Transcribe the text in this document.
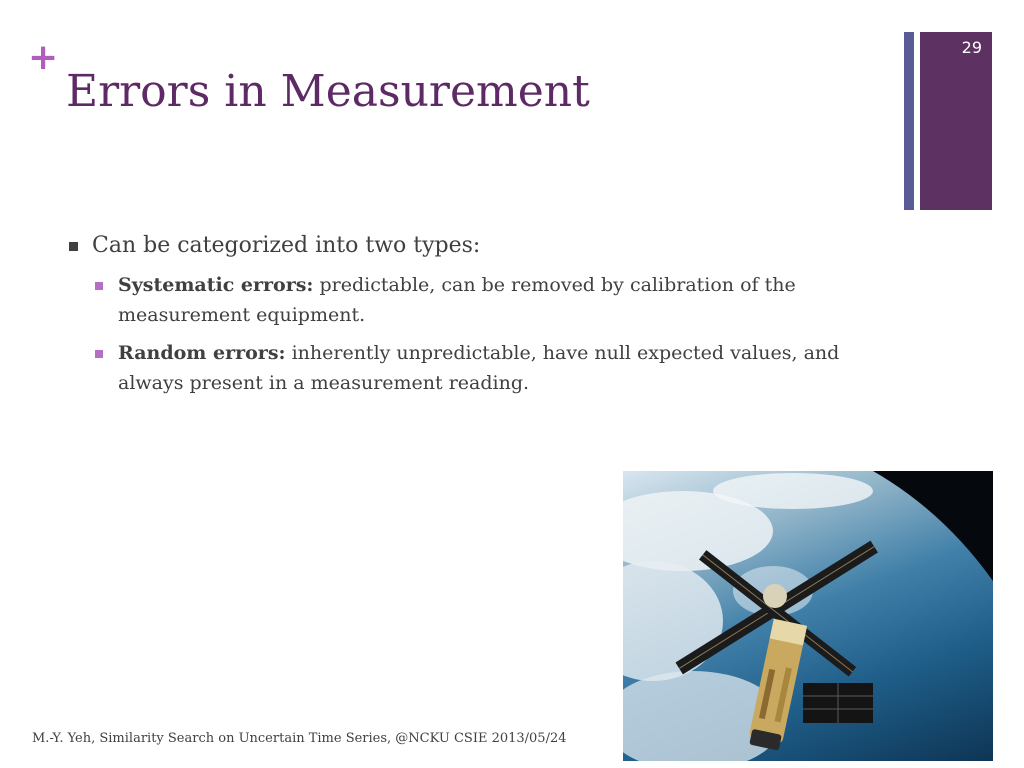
+
Errors in Measurement
29
Can be categorized into two types:
Systematic errors: predictable, can be removed by calibration of the measurement equipment.
Random errors: inherently unpredictable, have null expected values, and always present in a measurement reading.
M.-Y. Yeh, Similarity Search on Uncertain Time Series, @NCKU CSIE 2013/05/24
